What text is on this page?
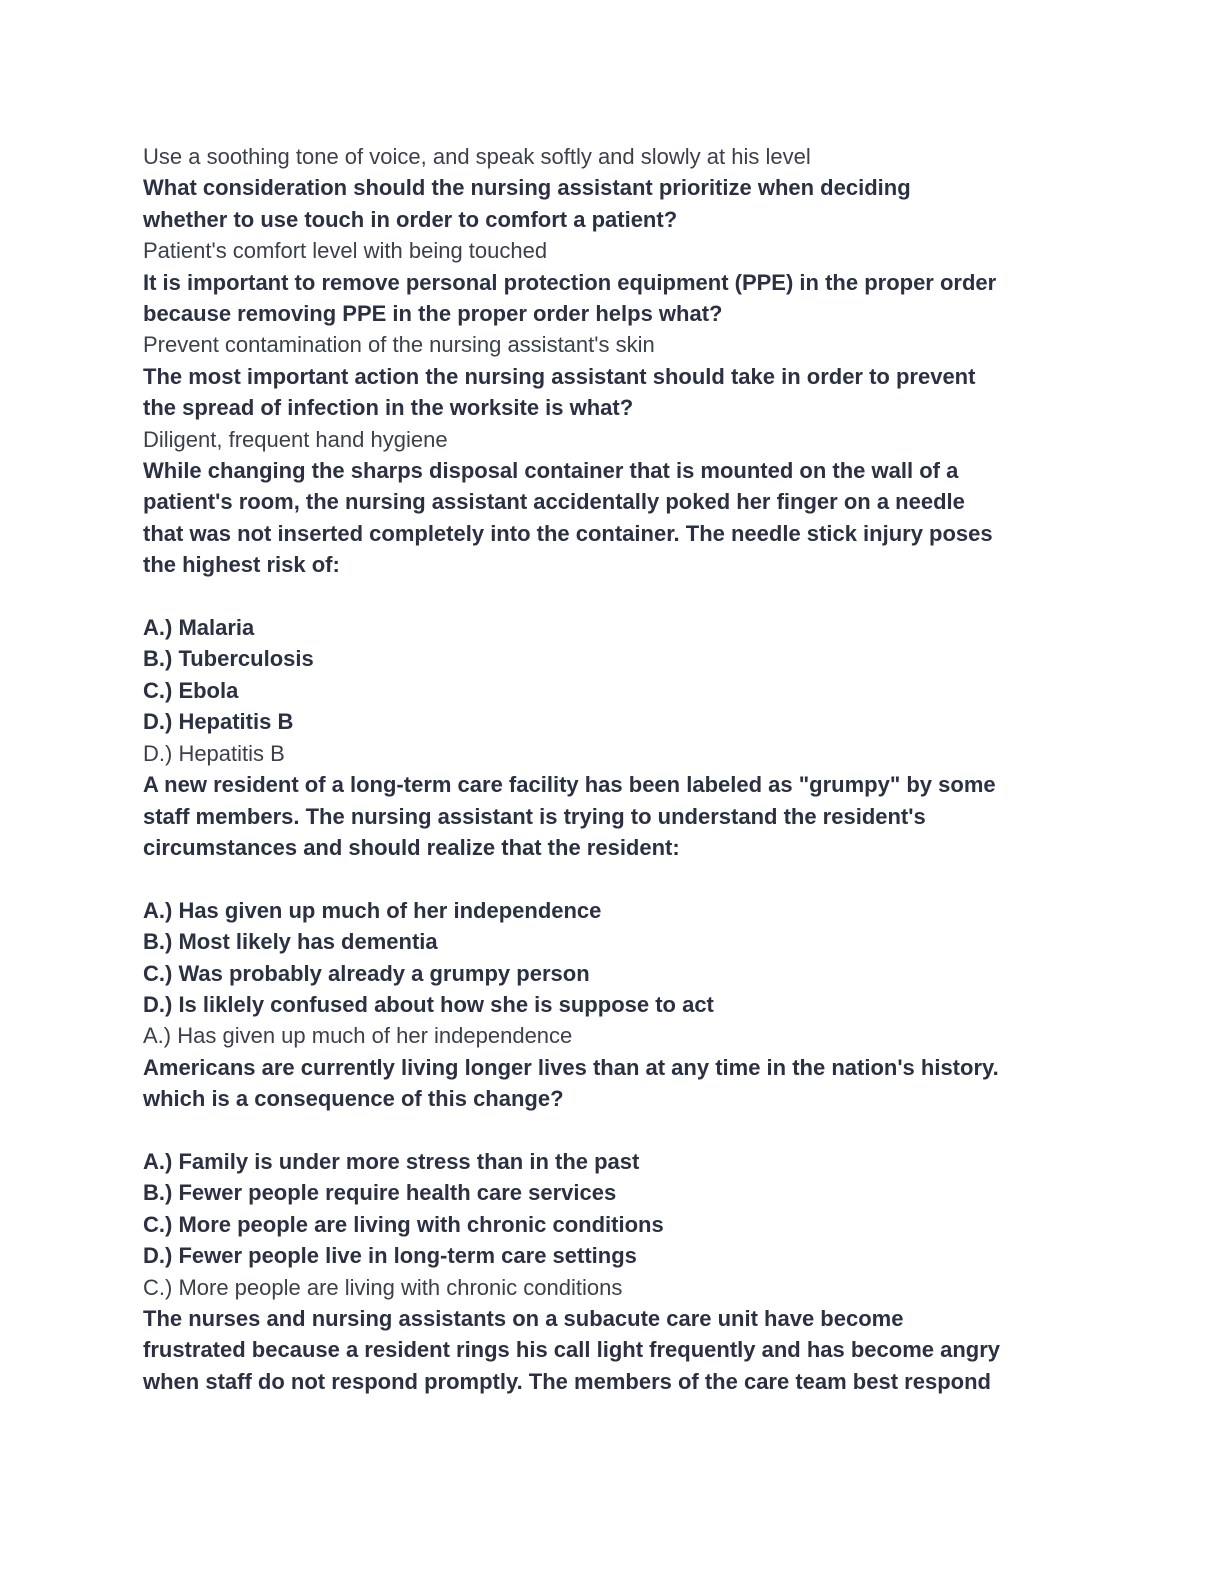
Use a soothing tone of voice, and speak softly and slowly at his level
What consideration should the nursing assistant prioritize when deciding
whether to use touch in order to comfort a patient?
Patient's comfort level with being touched
It is important to remove personal protection equipment (PPE) in the proper order
because removing PPE in the proper order helps what?
Prevent contamination of the nursing assistant's skin
The most important action the nursing assistant should take in order to prevent
the spread of infection in the worksite is what?
Diligent, frequent hand hygiene
While changing the sharps disposal container that is mounted on the wall of a
patient's room, the nursing assistant accidentally poked her finger on a needle
that was not inserted completely into the container. The needle stick injury poses
the highest risk of:
A.) Malaria
B.) Tuberculosis
C.) Ebola
D.) Hepatitis B
D.) Hepatitis B
A new resident of a long-term care facility has been labeled as "grumpy" by some
staff members. The nursing assistant is trying to understand the resident's
circumstances and should realize that the resident:
A.) Has given up much of her independence
B.) Most likely has dementia
C.) Was probably already a grumpy person
D.) Is liklely confused about how she is suppose to act
A.) Has given up much of her independence
Americans are currently living longer lives than at any time in the nation's history.
which is a consequence of this change?
A.) Family is under more stress than in the past
B.) Fewer people require health care services
C.) More people are living with chronic conditions
D.) Fewer people live in long-term care settings
C.) More people are living with chronic conditions
The nurses and nursing assistants on a subacute care unit have become
frustrated because a resident rings his call light frequently and has become angry
when staff do not respond promptly. The members of the care team best respond
